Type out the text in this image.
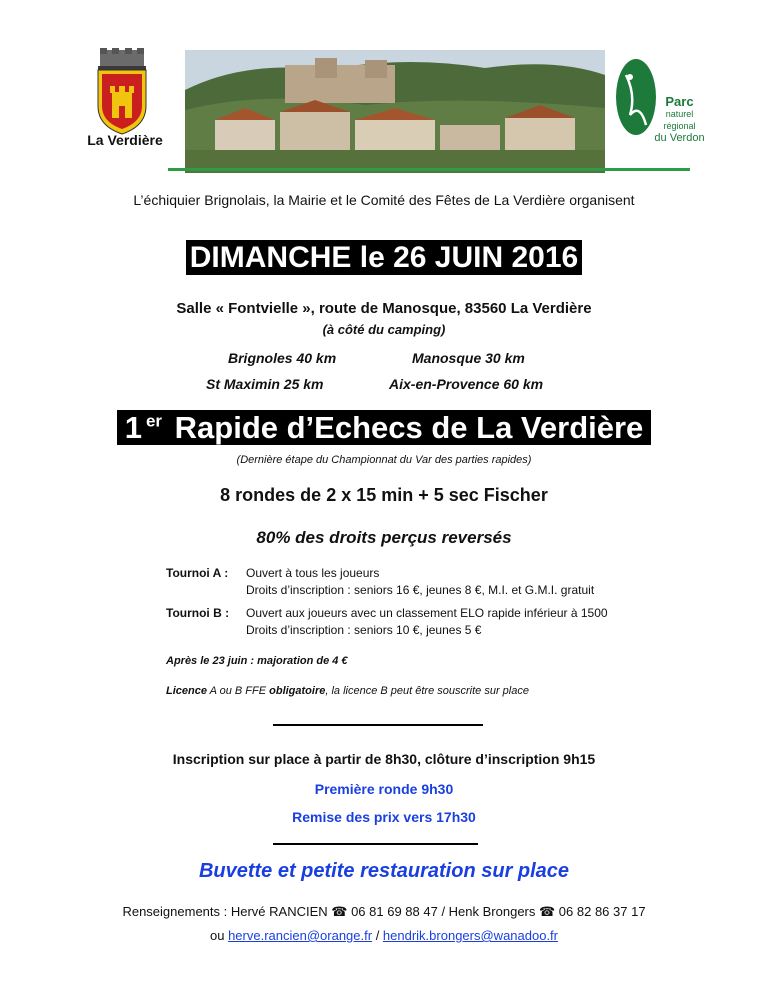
La Verdière
Parc
naturel
régional
du Verdon
L’échiquier Brignolais, la Mairie et le Comité des Fêtes de La Verdière organisent
DIMANCHE le 26 JUIN 2016
Salle « Fontvielle », route de Manosque, 83560 La Verdière
(à côté du camping)
Brignoles 40 km	Manosque 30 km
St Maximin 25 km	Aix-en-Provence 60 km
1 $^{er}$ Rapide d’Echecs de La Verdière
(Dernière étape du Championnat du Var des parties rapides)
8 rondes de 2 x 15 min + 5 sec Fischer
80% des droits perçus reversés
Tournoi A : Ouvert à tous les joueurs
Droits d’inscription : seniors 16 €, jeunes 8 €, M.I. et G.M.I. gratuit
Tournoi B : Ouvert aux joueurs avec un classement ELO rapide inférieur à 1500
Droits d’inscription : seniors 10 €, jeunes 5 €
Après le 23 juin : majoration de 4 €
Licence A ou B FFE obligatoire, la licence B peut être souscrite sur place
Inscription sur place à partir de 8h30, clôture d’inscription 9h15
Première ronde 9h30
Remise des prix vers 17h30
Buvette et petite restauration sur place
Renseignements : Hervé RANCIEN ☎ 06 81 69 88 47 / Henk Brongers ☎ 06 82 86 37 17
ou herve.rancien@orange.fr / hendrik.brongers@wanadoo.fr
